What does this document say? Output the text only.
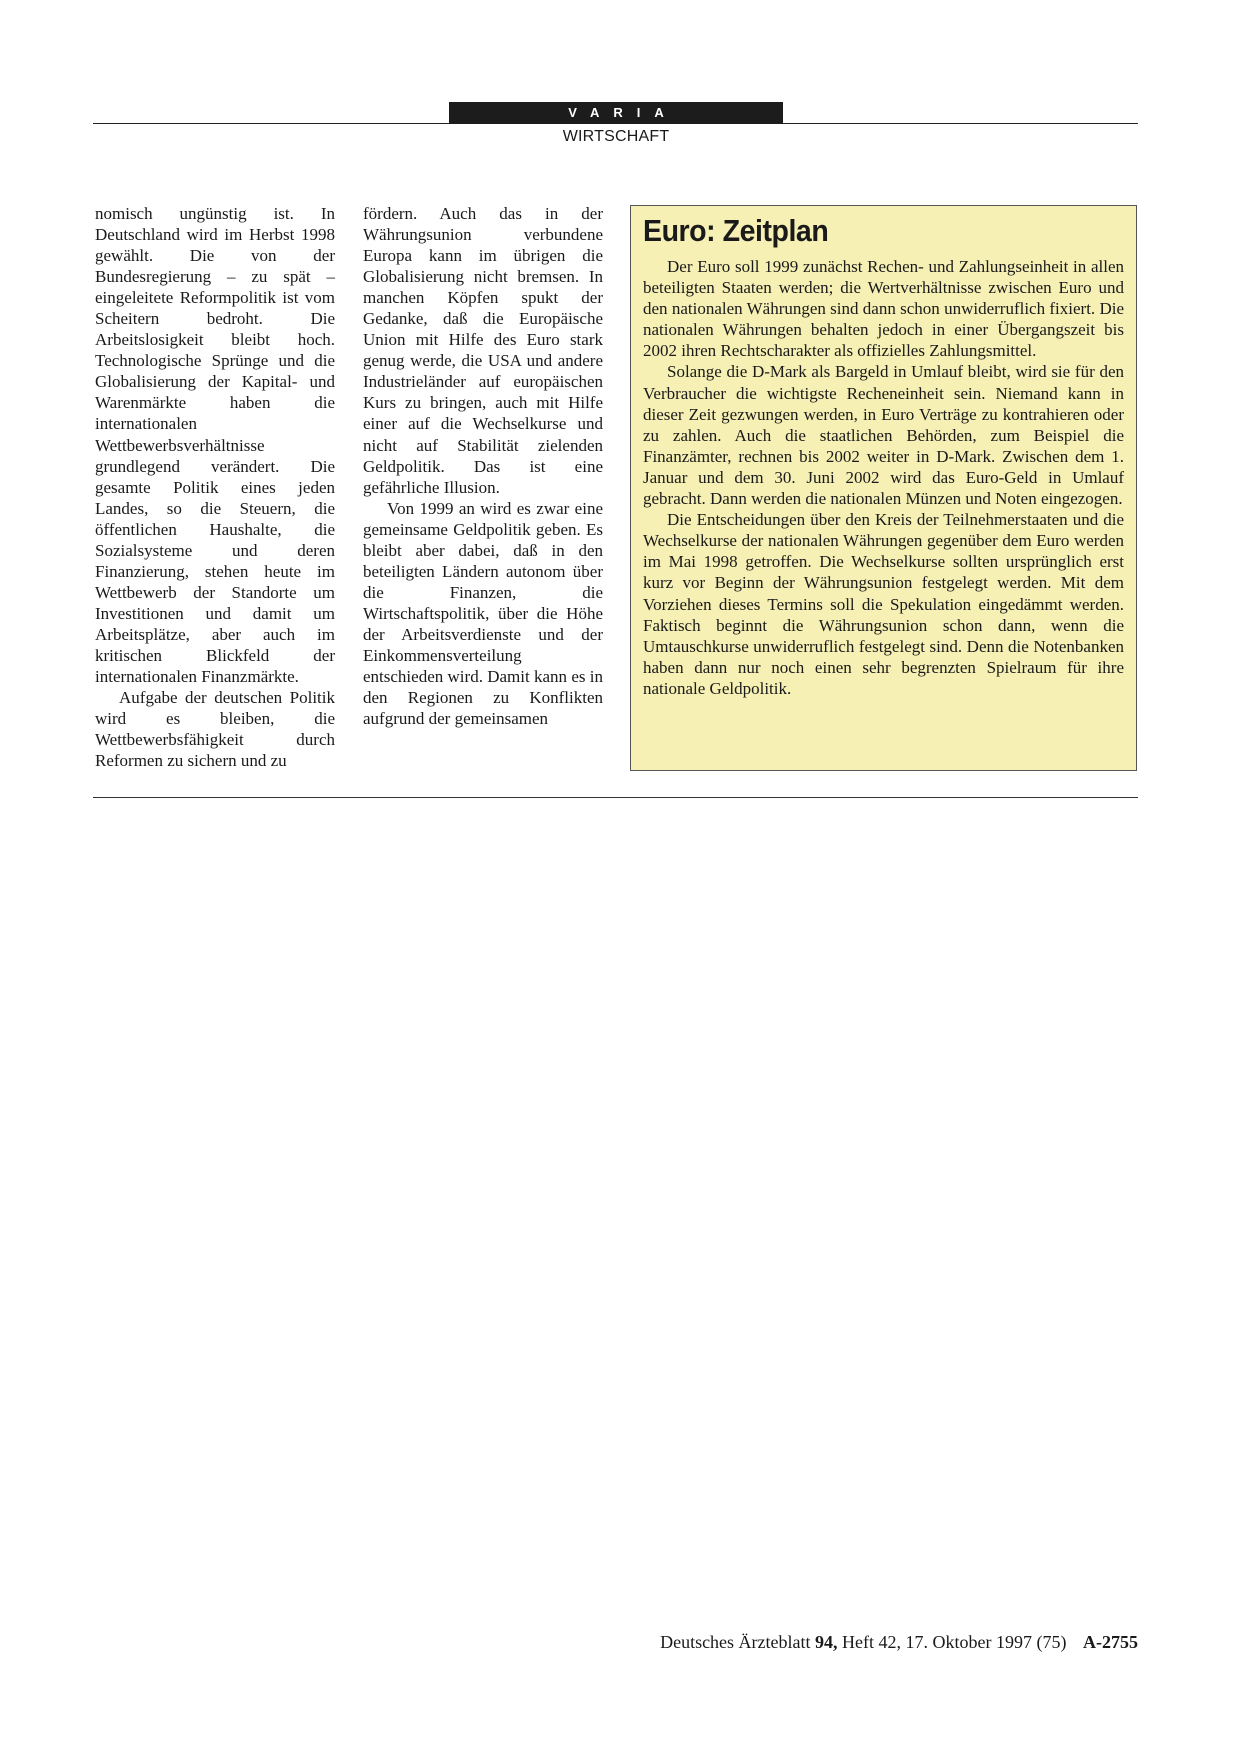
VARIA
WIRTSCHAFT

nomisch ungünstig ist. In Deutschland wird im Herbst 1998 gewählt. Die von der Bundesregierung – zu spät – eingeleitete Reformpolitik ist vom Scheitern bedroht. Die Arbeitslosigkeit bleibt hoch. Technologische Sprünge und die Globalisierung der Kapital- und Warenmärkte haben die internationalen Wettbewerbsverhältnisse grundlegend verändert. Die gesamte Politik eines jeden Landes, so die Steuern, die öffentlichen Haushalte, die Sozialsysteme und deren Finanzierung, stehen heute im Wettbewerb der Standorte um Investitionen und damit um Arbeitsplätze, aber auch im kritischen Blickfeld der internationalen Finanzmärkte.

Aufgabe der deutschen Politik wird es bleiben, die Wettbewerbsfähigkeit durch Reformen zu sichern und zu

fördern. Auch das in der Währungsunion verbundene Europa kann im übrigen die Globalisierung nicht bremsen. In manchen Köpfen spukt der Gedanke, daß die Europäische Union mit Hilfe des Euro stark genug werde, die USA und andere Industrieländer auf europäischen Kurs zu bringen, auch mit Hilfe einer auf die Wechselkurse und nicht auf Stabilität zielenden Geldpolitik. Das ist eine gefährliche Illusion.

Von 1999 an wird es zwar eine gemeinsame Geldpolitik geben. Es bleibt aber dabei, daß in den beteiligten Ländern autonom über die Finanzen, die Wirtschaftspolitik, über die Höhe der Arbeitsverdienste und der Einkommensverteilung entschieden wird. Damit kann es in den Regionen zu Konflikten aufgrund der gemeinsamen

Euro: Zeitplan

Der Euro soll 1999 zunächst Rechen- und Zahlungseinheit in allen beteiligten Staaten werden; die Wertverhältnisse zwischen Euro und den nationalen Währungen sind dann schon unwiderruflich fixiert. Die nationalen Währungen behalten jedoch in einer Übergangszeit bis 2002 ihren Rechtscharakter als offizielles Zahlungsmittel.

Solange die D-Mark als Bargeld in Umlauf bleibt, wird sie für den Verbraucher die wichtigste Recheneinheit sein. Niemand kann in dieser Zeit gezwungen werden, in Euro Verträge zu kontrahieren oder zu zahlen. Auch die staatlichen Behörden, zum Beispiel die Finanzämter, rechnen bis 2002 weiter in D-Mark. Zwischen dem 1. Januar und dem 30. Juni 2002 wird das Euro-Geld in Umlauf gebracht. Dann werden die nationalen Münzen und Noten eingezogen.

Die Entscheidungen über den Kreis der Teilnehmerstaaten und die Wechselkurse der nationalen Währungen gegenüber dem Euro werden im Mai 1998 getroffen. Die Wechselkurse sollten ursprünglich erst kurz vor Beginn der Währungsunion festgelegt werden. Mit dem Vorziehen dieses Termins soll die Spekulation eingedämmt werden. Faktisch beginnt die Währungsunion schon dann, wenn die Umtauschkurse unwiderruflich festgelegt sind. Denn die Notenbanken haben dann nur noch einen sehr begrenzten Spielraum für ihre nationale Geldpolitik.

Deutsches Ärzteblatt 94, Heft 42, 17. Oktober 1997 (75) A-2755
